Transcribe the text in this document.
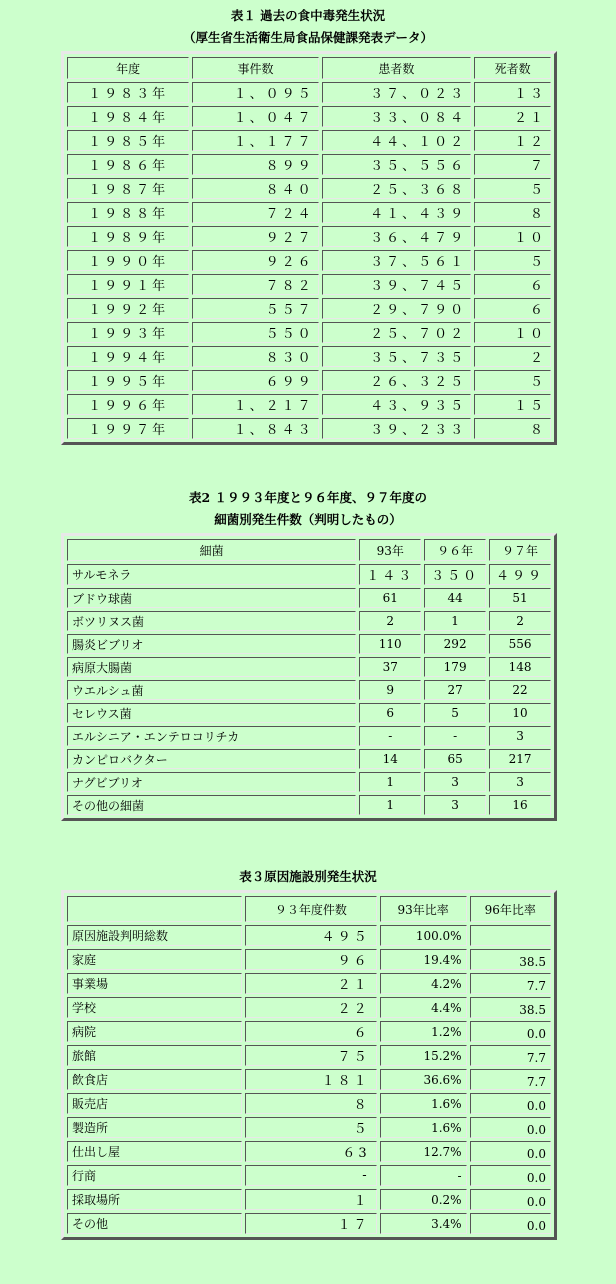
表１ 過去の食中毒発生状況
（厚生省生活衛生局食品保健課発表データ）
年度	事件数	患者数	死者数
１９８３年	１、０９５	３７、０２３	１３
１９８４年	１、０４７	３３、０８４	２１
１９８５年	１、１７７	４４、１０２	１２
１９８６年	８９９	３５、５５６	７
１９８７年	８４０	２５、３６８	５
１９８８年	７２４	４１、４３９	８
１９８９年	９２７	３６、４７９	１０
１９９０年	９２６	３７、５６１	５
１９９１年	７８２	３９、７４５	６
１９９２年	５５７	２９、７９０	６
１９９３年	５５０	２５、７０２	１０
１９９４年	８３０	３５、７３５	２
１９９５年	６９９	２６、３２５	５
１９９６年	１、２１７	４３、９３５	１５
１９９７年	１、８４３	３９、２３３	８
表2 １９９３年度と９６年度、９７年度の
細菌別発生件数（判明したもの）
細菌	93年	９６年	９７年
サルモネラ	１４３	３５０	４９９
ブドウ球菌	61	44	51
ボツリヌス菌	2	1	2
腸炎ビブリオ	110	292	556
病原大腸菌	37	179	148
ウエルシュ菌	9	27	22
セレウス菌	6	5	10
エルシニア・エンテロコリチカ	-	-	3
カンピロバクター	14	65	217
ナグビブリオ	1	3	3
その他の細菌	1	3	16
表３原因施設別発生状況
	９３年度件数	93年比率	96年比率
原因施設判明総数	４９５	100.0%	
家庭	９６	19.4%	38.5
事業場	２１	4.2%	7.7
学校	２２	4.4%	38.5
病院	６	1.2%	0.0
旅館	７５	15.2%	7.7
飲食店	１８１	36.6%	7.7
販売店	８	1.6%	0.0
製造所	５	1.6%	0.0
仕出し屋	６3	12.7%	0.0
行商	-	-	0.0
採取場所	１	0.2%	0.0
その他	１７	3.4%	0.0
